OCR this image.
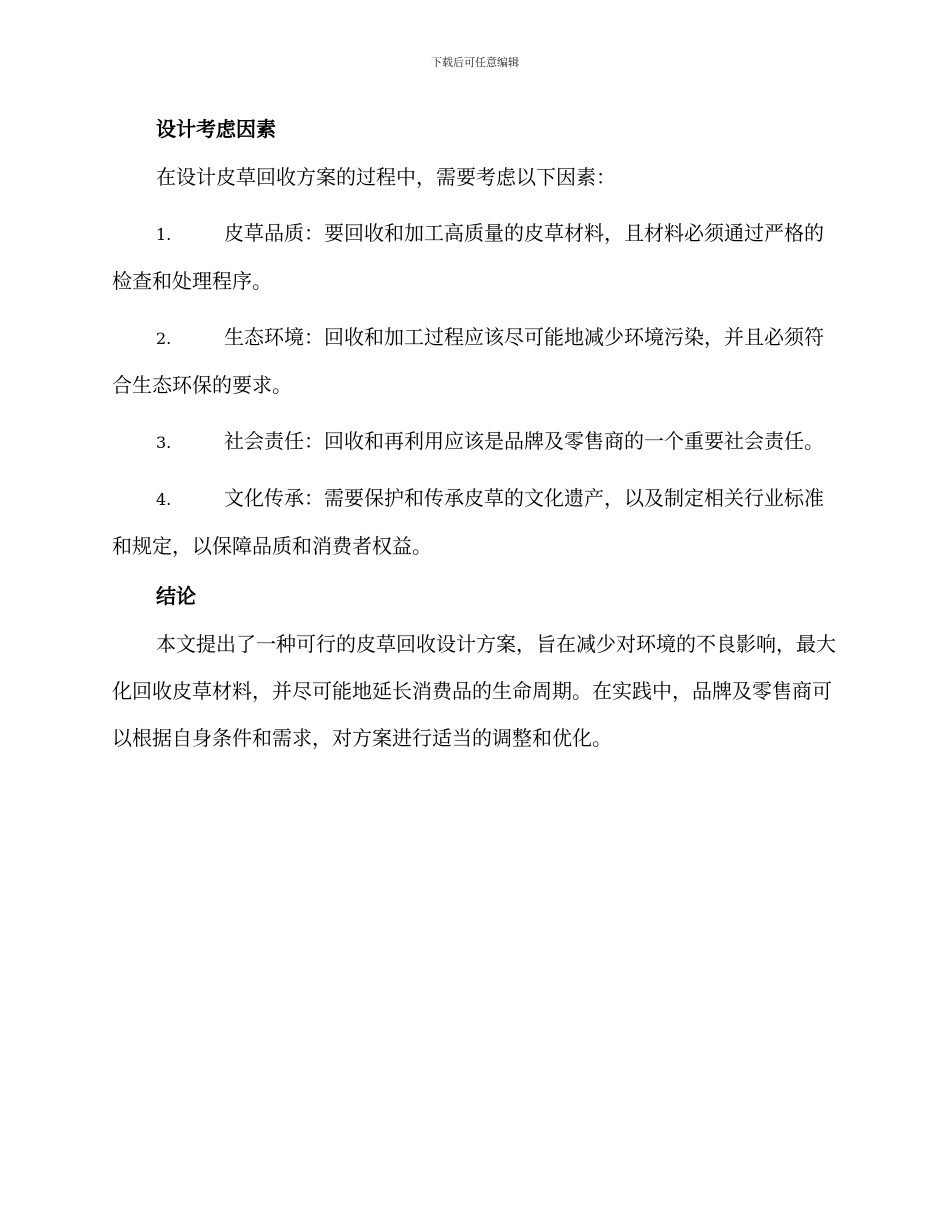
下载后可任意编辑
设计考虑因素

在设计皮草回收方案的过程中，需要考虑以下因素：

1.	皮草品质：要回收和加工高质量的皮草材料，且材料必须通过严格的检查和处理程序。

2.	生态环境：回收和加工过程应该尽可能地减少环境污染，并且必须符合生态环保的要求。

3.	社会责任：回收和再利用应该是品牌及零售商的一个重要社会责任。

4.	文化传承：需要保护和传承皮草的文化遗产，以及制定相关行业标准和规定，以保障品质和消费者权益。

结论

本文提出了一种可行的皮草回收设计方案，旨在减少对环境的不良影响，最大化回收皮草材料，并尽可能地延长消费品的生命周期。在实践中，品牌及零售商可以根据自身条件和需求，对方案进行适当的调整和优化。
